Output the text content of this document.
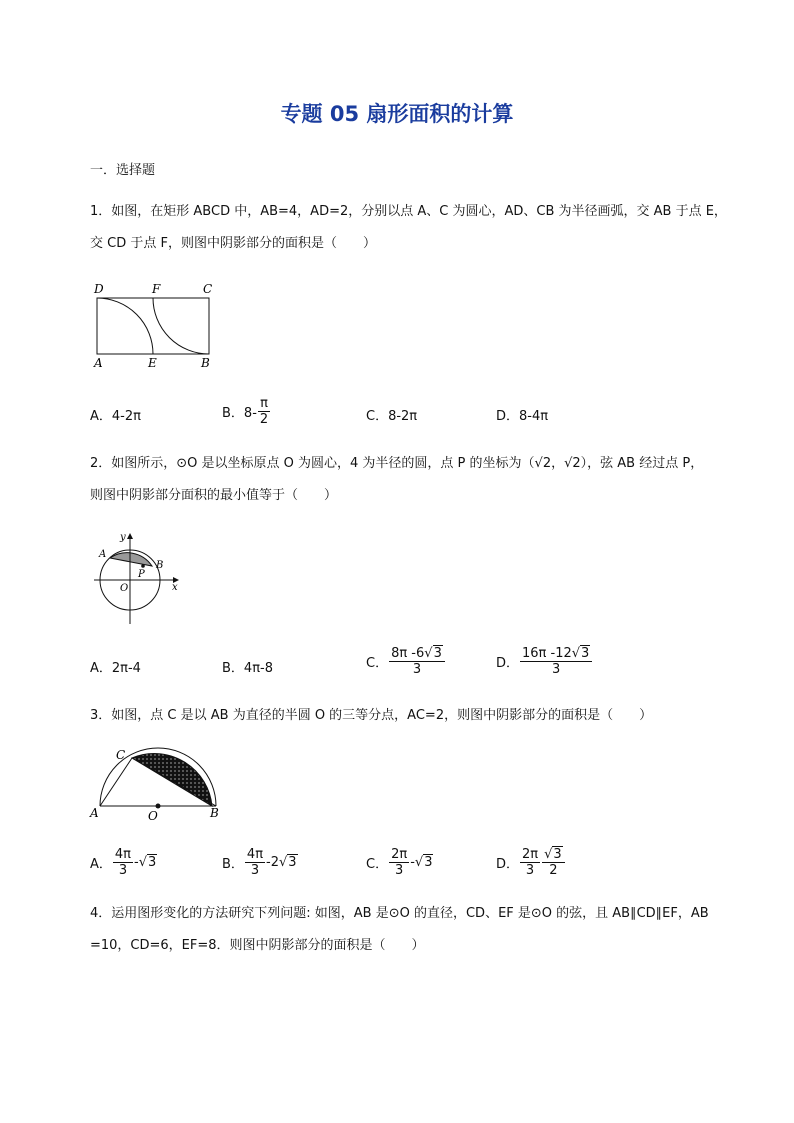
专题 05 扇形面积的计算
一．选择题
1．如图，在矩形 ABCD 中，AB=4，AD=2，分别以点 A、C 为圆心，AD、CB 为半径画弧，交 AB 于点 E，
交 CD 于点 F，则图中阴影部分的面积是（　　）
D	F	C
A	E	B
A．4-2π	B．$8- \frac{\pi}{2}$	C．8-2π	D．8-4π
2．如图所示，⊙O 是以坐标原点 O 为圆心，4 为半径的圆，点 P 的坐标为（√2，√2），弦 AB 经过点 P，
则图中阴影部分面积的最小值等于（　　）
y
A
B
P
O	x
A．2π-4	B．4π-8	C． $\frac{8\pi -6√3}{3}$	D． $\frac{16\pi -12√3}{3}$
3．如图，点 C 是以 AB 为直径的半圆 O 的三等分点，AC=2，则图中阴影部分的面积是（　　）
C
A	O	B
A． $\frac{4\pi}{3} - √3$	B． $\frac{4\pi}{3} -2$ √3	C． $\frac{2\pi}{3} - √3$	D． $\frac{2\pi}{3} \frac{√3}{2}$
4．运用图形变化的方法研究下列问题: 如图，AB 是⊙O 的直径，CD、EF 是⊙O 的弦，且 AB∥CD∥EF，AB
=10，CD=6，EF=8．则图中阴影部分的面积是（　　）
